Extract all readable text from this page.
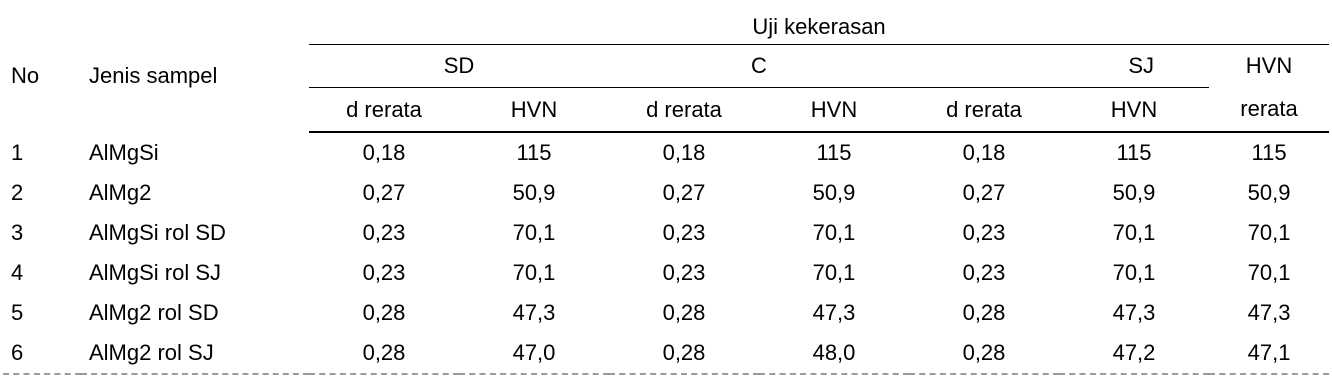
No	Jenis sampel	Uji kekerasan						
		SD		C		SJ		HVN
		d rerata	HVN	d rerata	HVN	d rerata	HVN	rerata
1	AlMgSi	0,18	115	0,18	115	0,18	115	115
2	AlMg2	0,27	50,9	0,27	50,9	0,27	50,9	50,9
3	AlMgSi rol SD	0,23	70,1	0,23	70,1	0,23	70,1	70,1
4	AlMgSi rol SJ	0,23	70,1	0,23	70,1	0,23	70,1	70,1
5	AlMg2 rol SD	0,28	47,3	0,28	47,3	0,28	47,3	47,3
6	AlMg2 rol SJ	0,28	47,0	0,28	48,0	0,28	47,2	47,1
